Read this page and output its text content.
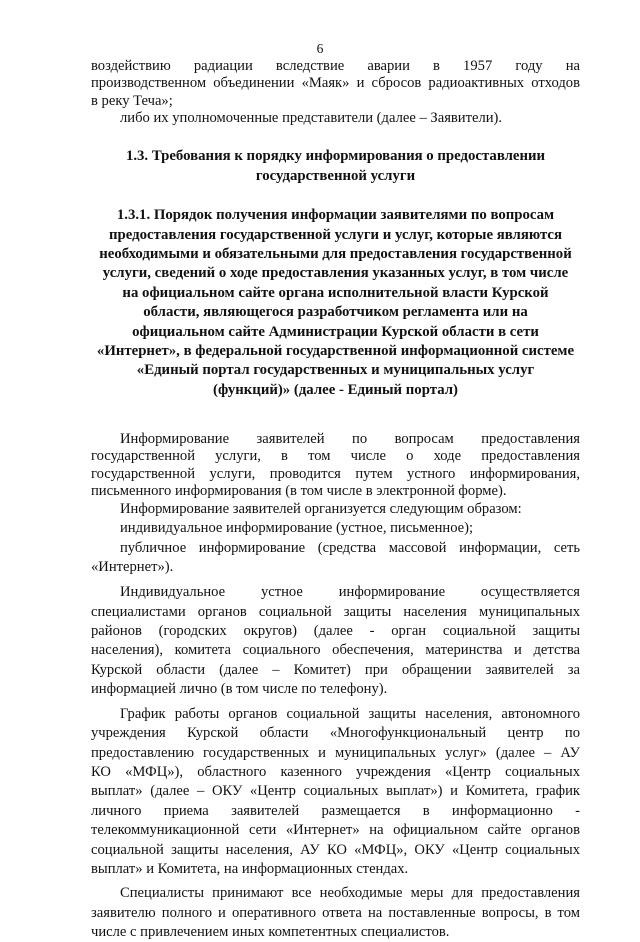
6

воздействию радиации вследствие аварии в 1957 году на

производственном объединении «Маяк» и сбросов радиоактивных отходов

в реку Теча»;

либо их уполномоченные представители (далее – Заявители).

1.3. Требования к порядку информирования о предоставлении

государственной услуги

1.3.1. Порядок получения информации заявителями по вопросам

предоставления государственной услуги и услуг, которые являются

необходимыми и обязательными для предоставления государственной

услуги, сведений о ходе предоставления указанных услуг, в том числе

на официальном сайте органа исполнительной власти Курской

области, являющегося разработчиком регламента или на

официальном сайте Администрации Курской области в сети

«Интернет», в федеральной государственной информационной системе

«Единый портал государственных и муниципальных услуг

(функций)» (далее - Единый портал)

Информирование заявителей по вопросам предоставления

государственной услуги, в том числе о ходе предоставления

государственной услуги, проводится путем устного информирования,

письменного информирования (в том числе в электронной форме).

Информирование заявителей организуется следующим образом:

индивидуальное информирование (устное, письменное);

публичное информирование (средства массовой информации, сеть

«Интернет»).

Индивидуальное устное информирование осуществляется

специалистами органов социальной защиты населения муниципальных

районов (городских округов) (далее - орган социальной защиты

населения), комитета социального обеспечения, материнства и детства

Курской области (далее – Комитет) при обращении заявителей за

информацией лично (в том числе по телефону).

График работы органов социальной защиты населения, автономного

учреждения Курской области «Многофункциональный центр по

предоставлению государственных и муниципальных услуг» (далее – АУ

КО «МФЦ»), областного казенного учреждения «Центр социальных

выплат» (далее – ОКУ «Центр социальных выплат») и Комитета, график

личного приема заявителей размещается в информационно -

телекоммуникационной сети «Интернет» на официальном сайте органов

социальной защиты населения, АУ КО «МФЦ», ОКУ «Центр социальных

выплат» и Комитета, на информационных стендах.

Специалисты принимают все необходимые меры для предоставления

заявителю полного и оперативного ответа на поставленные вопросы, в том

числе с привлечением иных компетентных специалистов.
